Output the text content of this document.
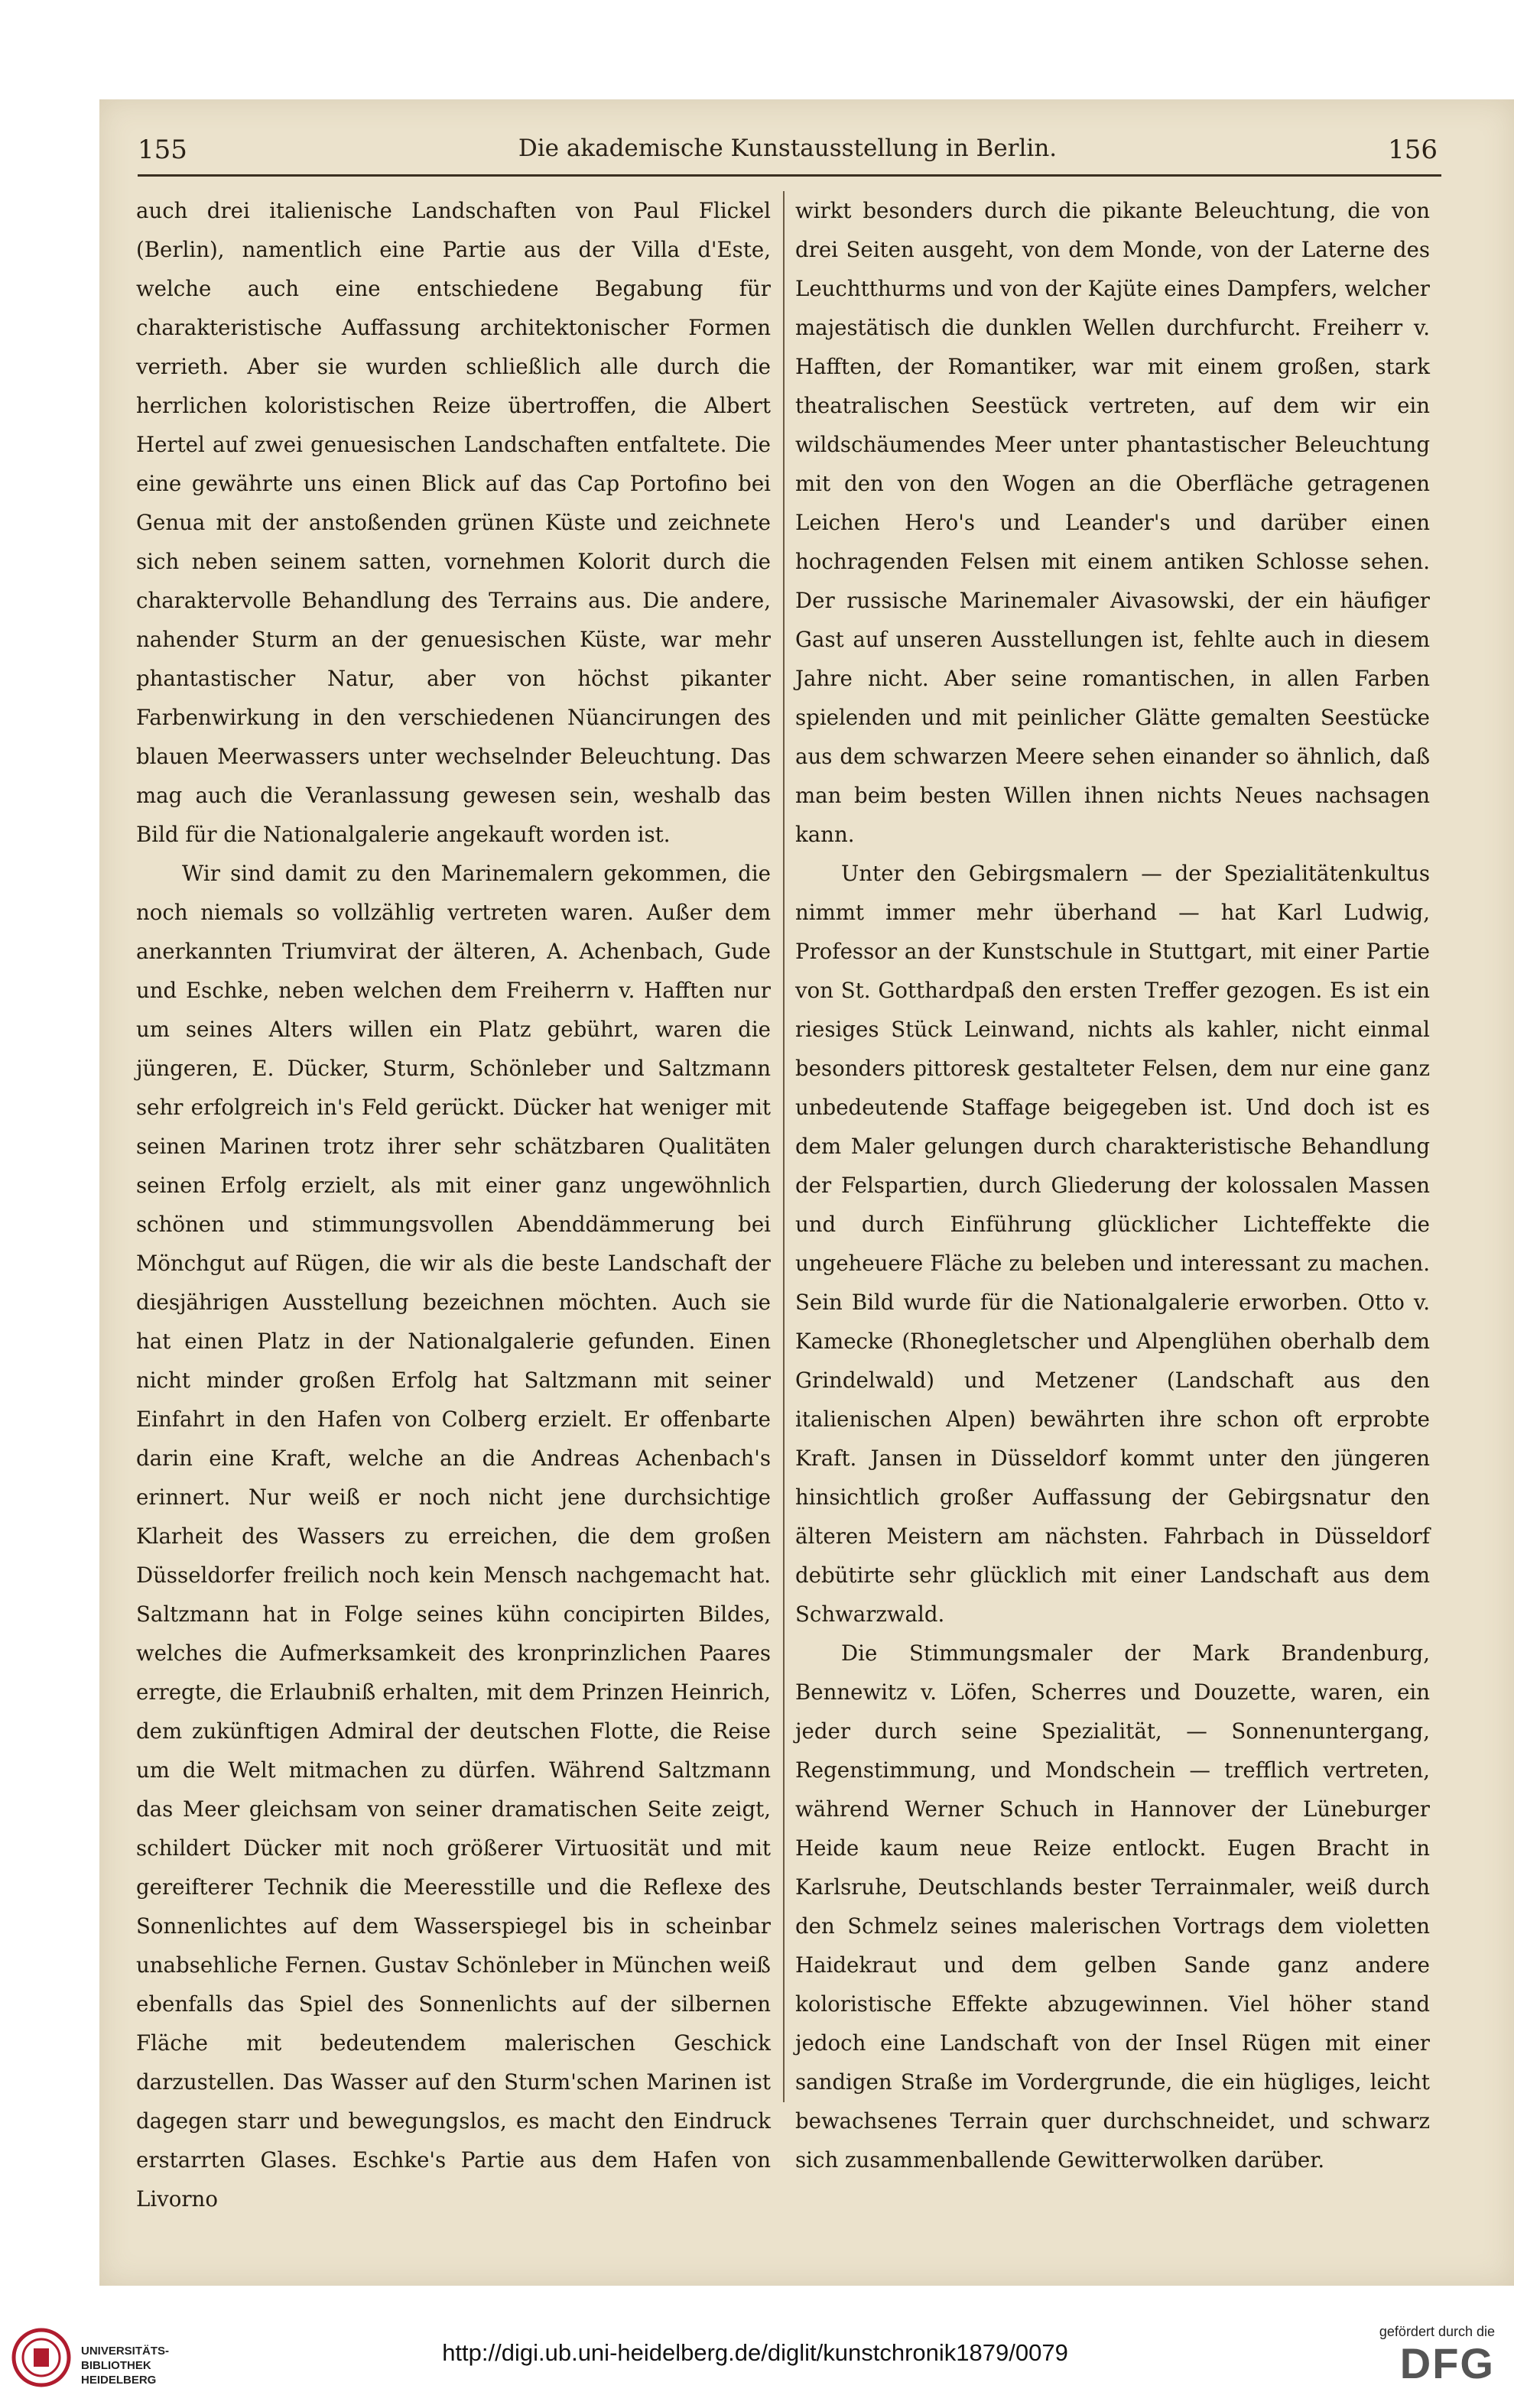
155	Die akademische Kunstausstellung in Berlin.	156

auch drei italienische Landschaften von Paul Flickel (Berlin), namentlich eine Partie aus der Villa d'Este, welche auch eine entschiedene Begabung für charakteristische Auffassung architektonischer Formen verrieth. Aber sie wurden schließlich alle durch die herrlichen koloristischen Reize übertroffen, die Albert Hertel auf zwei genuesischen Landschaften entfaltete. Die eine gewährte uns einen Blick auf das Cap Portofino bei Genua mit der anstoßenden grünen Küste und zeichnete sich neben seinem satten, vornehmen Kolorit durch die charaktervolle Behandlung des Terrains aus. Die andere, nahender Sturm an der genuesischen Küste, war mehr phantastischer Natur, aber von höchst pikanter Farbenwirkung in den verschiedenen Nüancirungen des blauen Meerwassers unter wechselnder Beleuchtung. Das mag auch die Veranlassung gewesen sein, weshalb das Bild für die Nationalgalerie angekauft worden ist.

Wir sind damit zu den Marinemalern gekommen, die noch niemals so vollzählig vertreten waren. Außer dem anerkannten Triumvirat der älteren, A. Achenbach, Gude und Eschke, neben welchen dem Freiherrn v. Hafften nur um seines Alters willen ein Platz gebührt, waren die jüngeren, E. Dücker, Sturm, Schönleber und Saltzmann sehr erfolgreich in's Feld gerückt. Dücker hat weniger mit seinen Marinen trotz ihrer sehr schätzbaren Qualitäten seinen Erfolg erzielt, als mit einer ganz ungewöhnlich schönen und stimmungsvollen Abenddämmerung bei Mönchgut auf Rügen, die wir als die beste Landschaft der diesjährigen Ausstellung bezeichnen möchten. Auch sie hat einen Platz in der Nationalgalerie gefunden. Einen nicht minder großen Erfolg hat Saltzmann mit seiner Einfahrt in den Hafen von Colberg erzielt. Er offenbarte darin eine Kraft, welche an die Andreas Achenbach's erinnert. Nur weiß er noch nicht jene durchsichtige Klarheit des Wassers zu erreichen, die dem großen Düsseldorfer freilich noch kein Mensch nachgemacht hat. Saltzmann hat in Folge seines kühn concipirten Bildes, welches die Aufmerksamkeit des kronprinzlichen Paares erregte, die Erlaubniß erhalten, mit dem Prinzen Heinrich, dem zukünftigen Admiral der deutschen Flotte, die Reise um die Welt mitmachen zu dürfen. Während Saltzmann das Meer gleichsam von seiner dramatischen Seite zeigt, schildert Dücker mit noch größerer Virtuosität und mit gereifterer Technik die Meeresstille und die Reflexe des Sonnenlichtes auf dem Wasserspiegel bis in scheinbar unabsehliche Fernen. Gustav Schönleber in München weiß ebenfalls das Spiel des Sonnenlichts auf der silbernen Fläche mit bedeutendem malerischen Geschick darzustellen. Das Wasser auf den Sturm'schen Marinen ist dagegen starr und bewegungslos, es macht den Eindruck erstarrten Glases. Eschke's Partie aus dem Hafen von Livorno

wirkt besonders durch die pikante Beleuchtung, die von drei Seiten ausgeht, von dem Monde, von der Laterne des Leuchtthurms und von der Kajüte eines Dampfers, welcher majestätisch die dunklen Wellen durchfurcht. Freiherr v. Hafften, der Romantiker, war mit einem großen, stark theatralischen Seestück vertreten, auf dem wir ein wildschäumendes Meer unter phantastischer Beleuchtung mit den von den Wogen an die Oberfläche getragenen Leichen Hero's und Leander's und darüber einen hochragenden Felsen mit einem antiken Schlosse sehen. Der russische Marinemaler Aivasowski, der ein häufiger Gast auf unseren Ausstellungen ist, fehlte auch in diesem Jahre nicht. Aber seine romantischen, in allen Farben spielenden und mit peinlicher Glätte gemalten Seestücke aus dem schwarzen Meere sehen einander so ähnlich, daß man beim besten Willen ihnen nichts Neues nachsagen kann.

Unter den Gebirgsmalern — der Spezialitätenkultus nimmt immer mehr überhand — hat Karl Ludwig, Professor an der Kunstschule in Stuttgart, mit einer Partie von St. Gotthardpaß den ersten Treffer gezogen. Es ist ein riesiges Stück Leinwand, nichts als kahler, nicht einmal besonders pittoresk gestalteter Felsen, dem nur eine ganz unbedeutende Staffage beigegeben ist. Und doch ist es dem Maler gelungen durch charakteristische Behandlung der Felspartien, durch Gliederung der kolossalen Massen und durch Einführung glücklicher Lichteffekte die ungeheuere Fläche zu beleben und interessant zu machen. Sein Bild wurde für die Nationalgalerie erworben. Otto v. Kamecke (Rhonegletscher und Alpenglühen oberhalb dem Grindelwald) und Metzener (Landschaft aus den italienischen Alpen) bewährten ihre schon oft erprobte Kraft. Jansen in Düsseldorf kommt unter den jüngeren hinsichtlich großer Auffassung der Gebirgsnatur den älteren Meistern am nächsten. Fahrbach in Düsseldorf debütirte sehr glücklich mit einer Landschaft aus dem Schwarzwald.

Die Stimmungsmaler der Mark Brandenburg, Bennewitz v. Löfen, Scherres und Douzette, waren, ein jeder durch seine Spezialität, — Sonnenuntergang, Regenstimmung, und Mondschein — trefflich vertreten, während Werner Schuch in Hannover der Lüneburger Heide kaum neue Reize entlockt. Eugen Bracht in Karlsruhe, Deutschlands bester Terrainmaler, weiß durch den Schmelz seines malerischen Vortrags dem violetten Haidekraut und dem gelben Sande ganz andere koloristische Effekte abzugewinnen. Viel höher stand jedoch eine Landschaft von der Insel Rügen mit einer sandigen Straße im Vordergrunde, die ein hügliges, leicht bewachsenes Terrain quer durchschneidet, und schwarz sich zusammenballende Gewitterwolken darüber.

UNIVERSITÄTS-
BIBLIOTHEK
HEIDELBERG
http://digi.ub.uni-heidelberg.de/diglit/kunstchronik1879/0079
gefördert durch die
DFG
